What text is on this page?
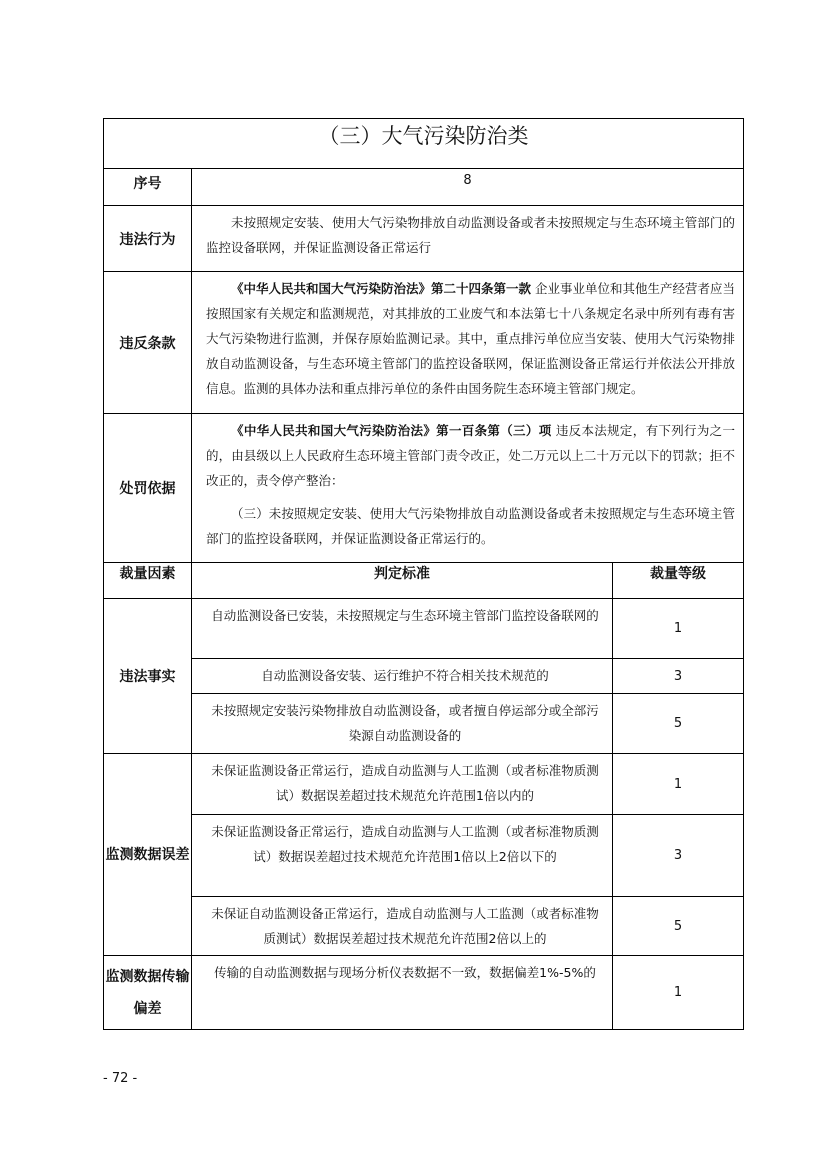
（三）大气污染防治类		
序号	8	
违法行为	未按照规定安装、使用大气污染物排放自动监测设备或者未按照规定与生态环境主管部门的监控设备联网，并保证监测设备正常运行	
违反条款	《中华人民共和国大气污染防治法》第二十四条第一款 企业事业单位和其他生产经营者应当按照国家有关规定和监测规范，对其排放的工业废气和本法第七十八条规定名录中所列有毒有害大气污染物进行监测，并保存原始监测记录。其中，重点排污单位应当安装、使用大气污染物排放自动监测设备，与生态环境主管部门的监控设备联网，保证监测设备正常运行并依法公开排放信息。监测的具体办法和重点排污单位的条件由国务院生态环境主管部门规定。	
处罚依据	《中华人民共和国大气污染防治法》第一百条第（三）项 违反本法规定，有下列行为之一的，由县级以上人民政府生态环境主管部门责令改正，处二万元以上二十万元以下的罚款；拒不改正的，责令停产整治：

（三）未按照规定安装、使用大气污染物排放自动监测设备或者未按照规定与生态环境主管部门的监控设备联网，并保证监测设备正常运行的。	

裁量因素	判定标准	裁量等级
违法事实	自动监测设备已安装，未按照规定与生态环境主管部门监控设备联网的	1
	自动监测设备安装、运行维护不符合相关技术规范的	3
	未按照规定安装污染物排放自动监测设备，或者擅自停运部分或全部污染源自动监测设备的	5
监测数据误差	未保证监测设备正常运行，造成自动监测与人工监测（或者标准物质测试）数据误差超过技术规范允许范围1倍以内的	1
	未保证监测设备正常运行，造成自动监测与人工监测（或者标准物质测试）数据误差超过技术规范允许范围1倍以上2倍以下的	3
	未保证自动监测设备正常运行，造成自动监测与人工监测（或者标准物质测试）数据误差超过技术规范允许范围2倍以上的	5
监测数据传输偏差	传输的自动监测数据与现场分析仪表数据不一致，数据偏差1%-5%的	1
- 72 -
